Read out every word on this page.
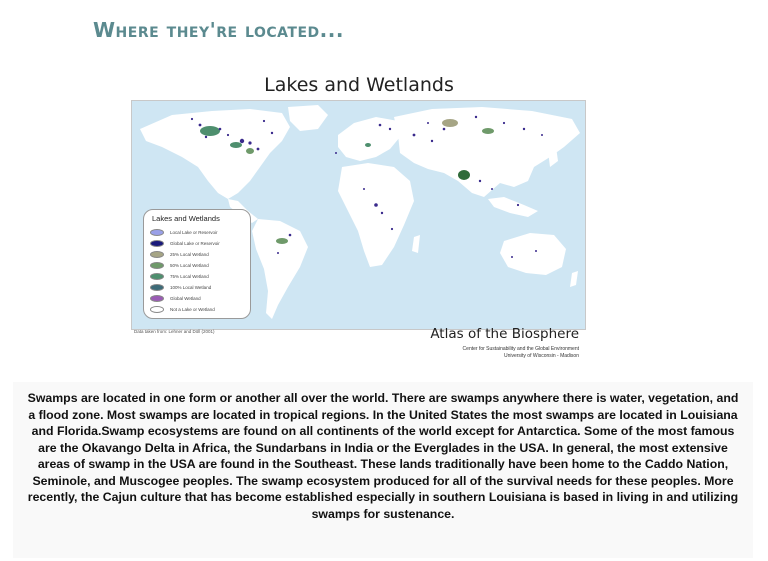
Where they're located...
Lakes and Wetlands
Lakes and Wetlands
Local Lake or Reservoir
Global Lake or Reservoir
25% Local Wetland
50% Local Wetland
75% Local Wetland
100% Local Wetland
Global Wetland
Not a Lake or Wetland
Data taken from: Lehner and Döll (2001)	Atlas of the Biosphere
Center for Sustainability and the Global Environment
University of Wisconsin - Madison

Swamps are located in one form or another all over the world. There are swamps anywhere there is water, vegetation, and a flood zone. Most swamps are located in tropical regions. In the United States the most swamps are located in Louisiana and Florida.Swamp ecosystems are found on all continents of the world except for Antarctica. Some of the most famous are the Okavango Delta in Africa, the Sundarbans in India or the Everglades in the USA. In general, the most extensive areas of swamp in the USA are found in the Southeast. These lands traditionally have been home to the Caddo Nation, Seminole, and Muscogee peoples. The swamp ecosystem produced for all of the survival needs for these peoples. More recently, the Cajun culture that has become established especially in southern Louisiana is based in living in and utilizing swamps for sustenance.
